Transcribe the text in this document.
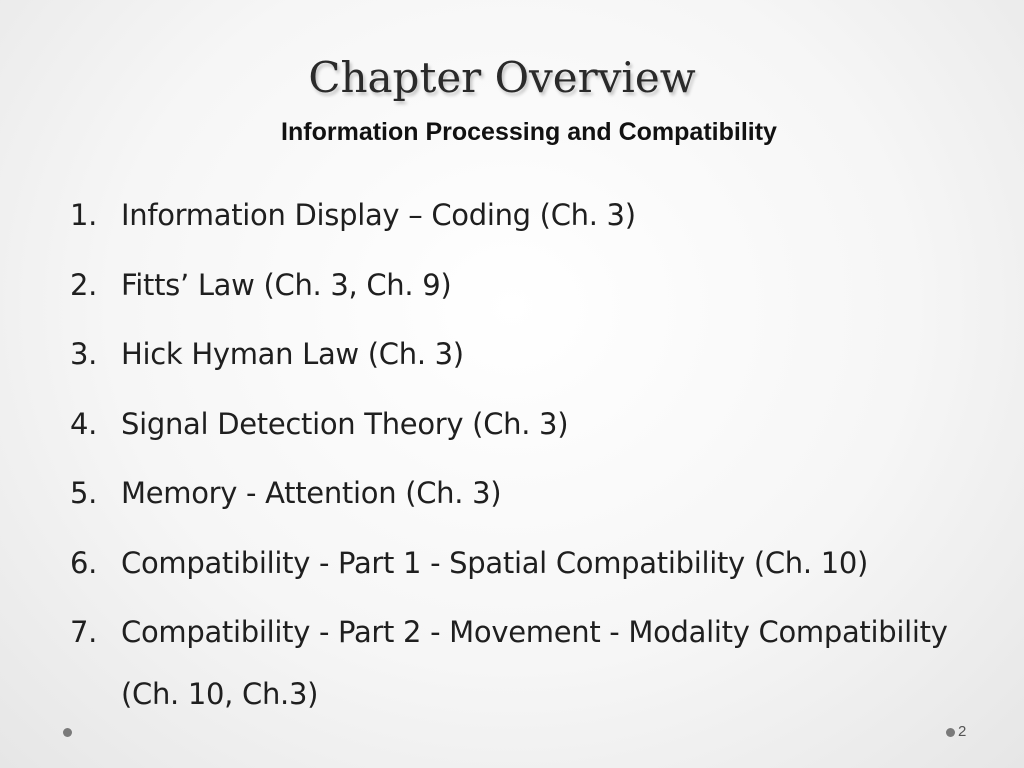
Chapter Overview
Information Processing and Compatibility
1. Information Display – Coding (Ch. 3)
2. Fitts’ Law (Ch. 3, Ch. 9)
3. Hick Hyman Law (Ch. 3)
4. Signal Detection Theory (Ch. 3)
5. Memory - Attention (Ch. 3)
6. Compatibility - Part 1 - Spatial Compatibility (Ch. 10)
7. Compatibility - Part 2 - Movement - Modality Compatibility (Ch. 10, Ch.3)
2
